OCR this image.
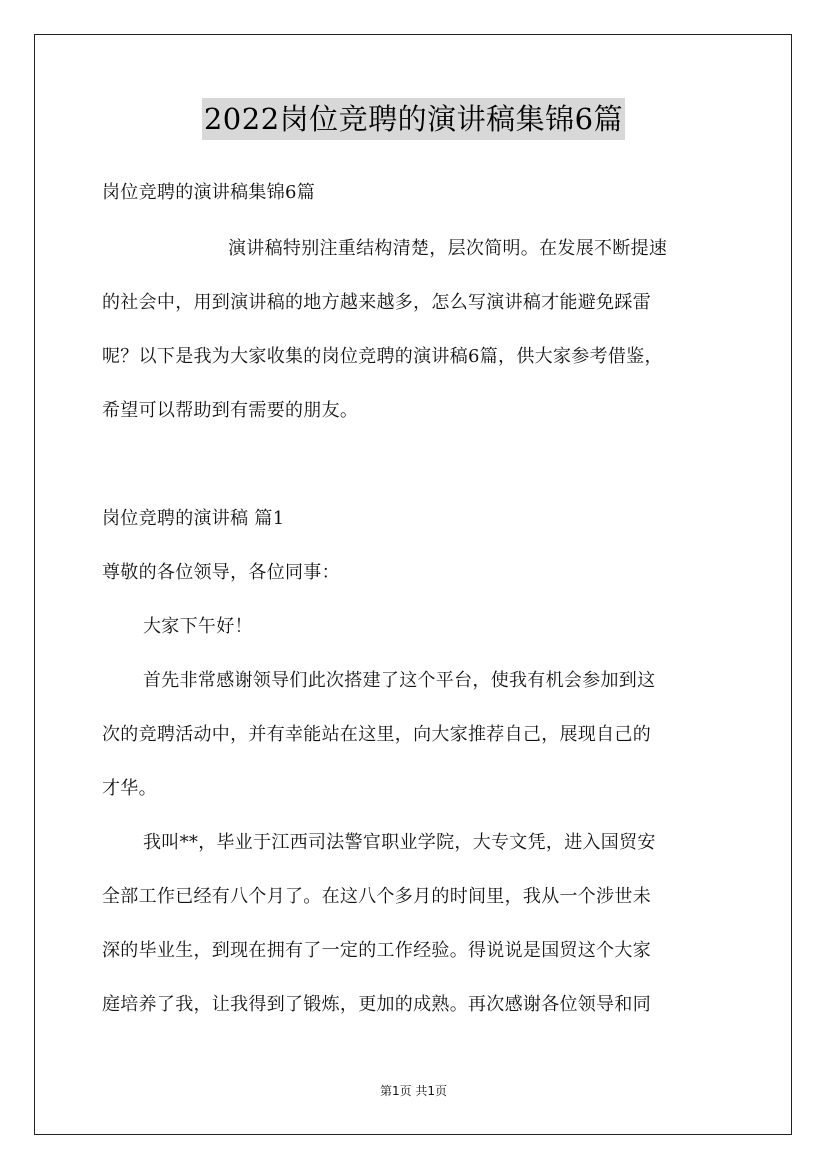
2022岗位竞聘的演讲稿集锦6篇
岗位竞聘的演讲稿集锦6篇
演讲稿特别注重结构清楚，层次简明。在发展不断提速
的社会中，用到演讲稿的地方越来越多，怎么写演讲稿才能避免踩雷
呢？以下是我为大家收集的岗位竞聘的演讲稿6篇，供大家参考借鉴，
希望可以帮助到有需要的朋友。
岗位竞聘的演讲稿 篇1
尊敬的各位领导，各位同事：
大家下午好！
首先非常感谢领导们此次搭建了这个平台，使我有机会参加到这
次的竞聘活动中，并有幸能站在这里，向大家推荐自己，展现自己的
才华。
我叫**，毕业于江西司法警官职业学院，大专文凭，进入国贸安
全部工作已经有八个月了。在这八个多月的时间里，我从一个涉世未
深的毕业生，到现在拥有了一定的工作经验。得说说是国贸这个大家
庭培养了我，让我得到了锻炼，更加的成熟。再次感谢各位领导和同
第1页 共1页
